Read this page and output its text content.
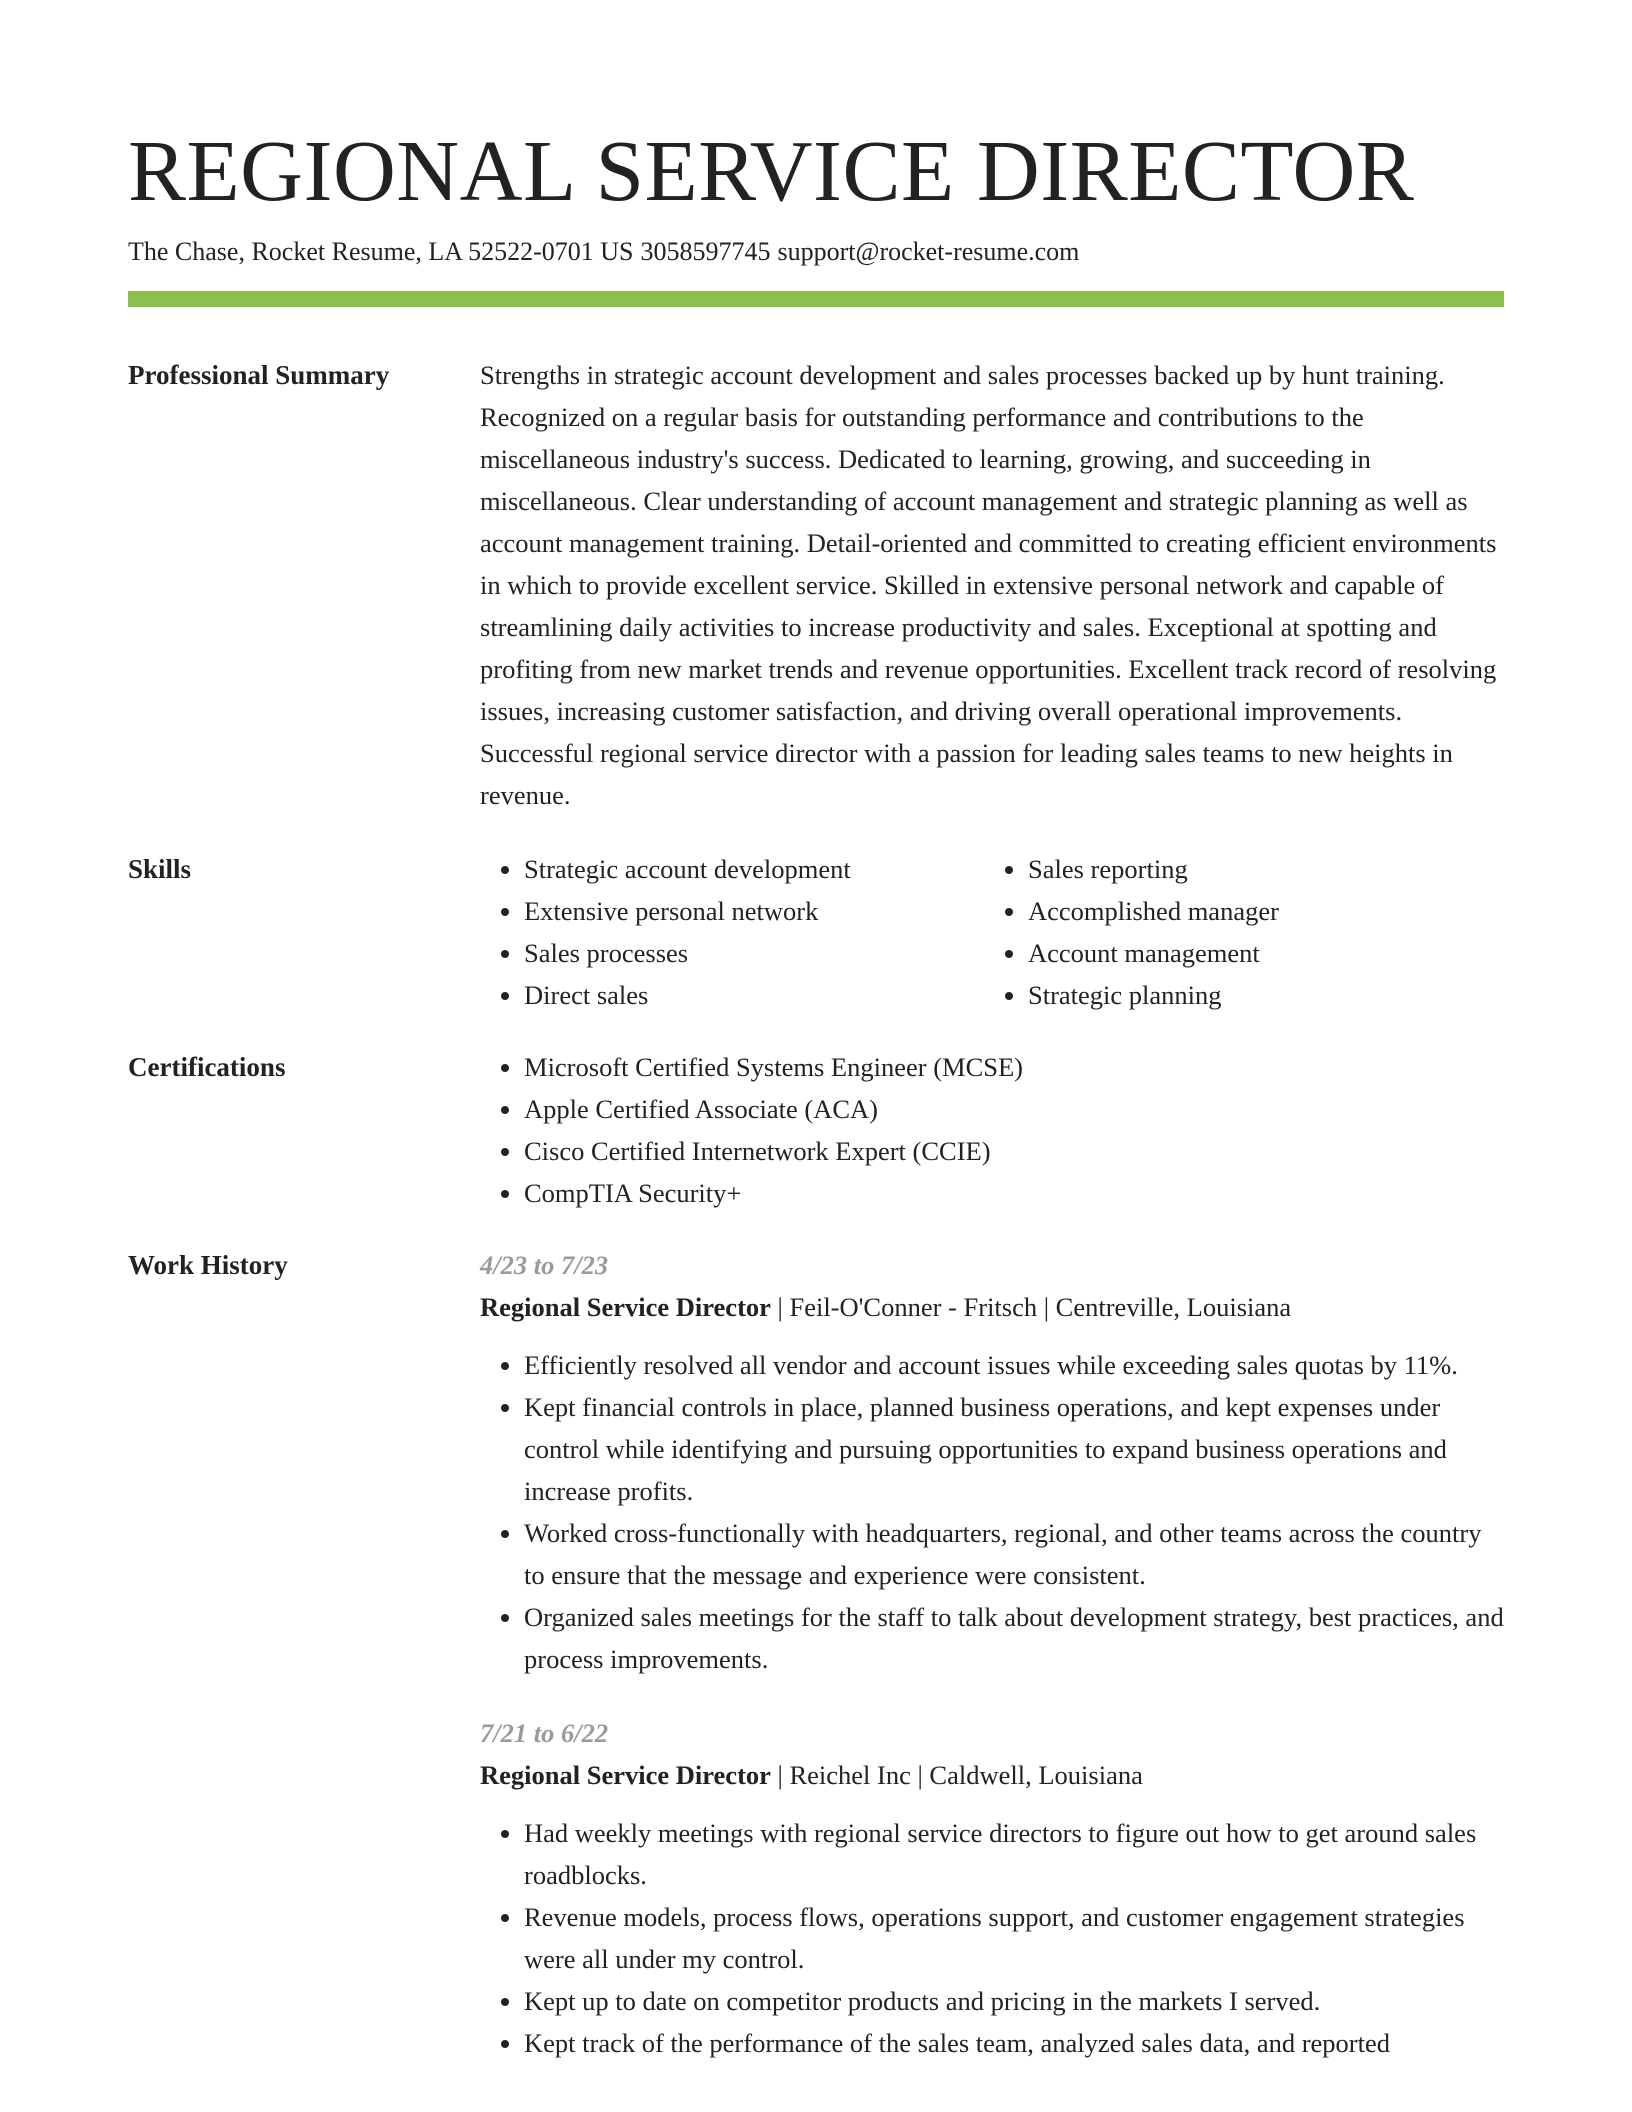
REGIONAL SERVICE DIRECTOR
The Chase, Rocket Resume, LA 52522-0701 US 3058597745 support@rocket-resume.com
Professional Summary	Strengths in strategic account development and sales processes backed up by hunt training. Recognized on a regular basis for outstanding performance and contributions to the miscellaneous industry's success. Dedicated to learning, growing, and succeeding in miscellaneous. Clear understanding of account management and strategic planning as well as account management training. Detail-oriented and committed to creating efficient environments in which to provide excellent service. Skilled in extensive personal network and capable of streamlining daily activities to increase productivity and sales. Exceptional at spotting and profiting from new market trends and revenue opportunities. Excellent track record of resolving issues, increasing customer satisfaction, and driving overall operational improvements. Successful regional service director with a passion for leading sales teams to new heights in revenue.

Skills	• Strategic account development
• Extensive personal network
• Sales processes
• Direct sales
• Sales reporting
• Accomplished manager
• Account management
• Strategic planning
Certifications	• Microsoft Certified Systems Engineer (MCSE)
• Apple Certified Associate (ACA)
• Cisco Certified Internetwork Expert (CCIE)
• CompTIA Security+
Work History	4/23 to 7/23
Regional Service Director | Feil-O'Conner - Fritsch | Centreville, Louisiana
• Efficiently resolved all vendor and account issues while exceeding sales quotas by 11%.
• Kept financial controls in place, planned business operations, and kept expenses under control while identifying and pursuing opportunities to expand business operations and increase profits.
• Worked cross-functionally with headquarters, regional, and other teams across the country to ensure that the message and experience were consistent.
• Organized sales meetings for the staff to talk about development strategy, best practices, and process improvements.
7/21 to 6/22
Regional Service Director | Reichel Inc | Caldwell, Louisiana
• Had weekly meetings with regional service directors to figure out how to get around sales roadblocks.
• Revenue models, process flows, operations support, and customer engagement strategies were all under my control.
• Kept up to date on competitor products and pricing in the markets I served.
• Kept track of the performance of the sales team, analyzed sales data, and reported
